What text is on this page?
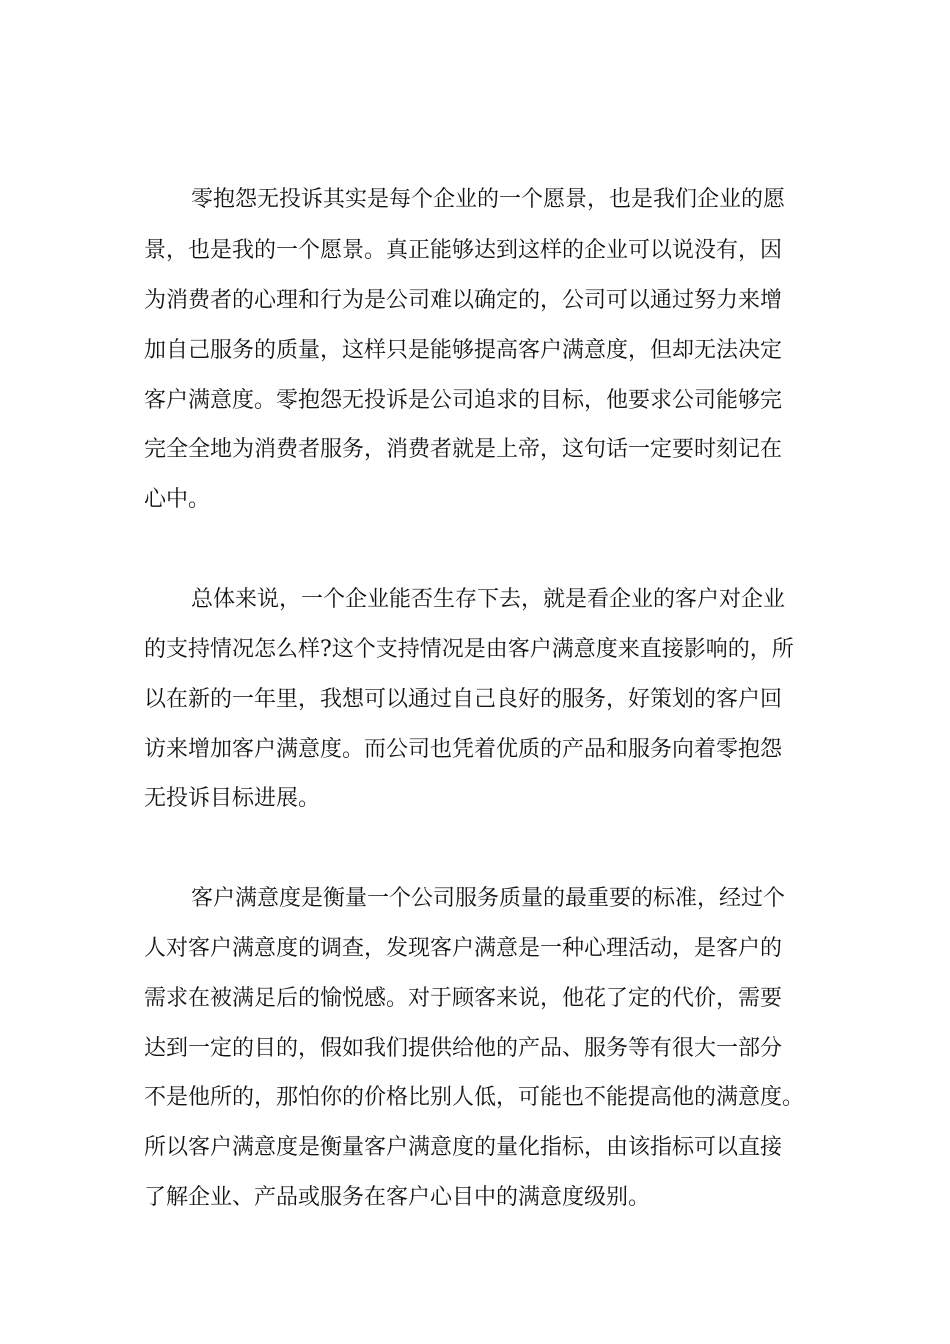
零抱怨无投诉其实是每个企业的一个愿景，也是我们企业的愿

景，也是我的一个愿景。真正能够达到这样的企业可以说没有，因

为消费者的心理和行为是公司难以确定的，公司可以通过努力来增

加自己服务的质量，这样只是能够提高客户满意度，但却无法决定

客户满意度。零抱怨无投诉是公司追求的目标，他要求公司能够完

完全全地为消费者服务，消费者就是上帝，这句话一定要时刻记在

心中。

总体来说，一个企业能否生存下去，就是看企业的客户对企业

的支持情况怎么样?这个支持情况是由客户满意度来直接影响的，所

以在新的一年里，我想可以通过自己良好的服务，好策划的客户回

访来增加客户满意度。而公司也凭着优质的产品和服务向着零抱怨

无投诉目标进展。

客户满意度是衡量一个公司服务质量的最重要的标准，经过个

人对客户满意度的调查，发现客户满意是一种心理活动，是客户的

需求在被满足后的愉悦感。对于顾客来说，他花了定的代价，需要

达到一定的目的，假如我们提供给他的产品、服务等有很大一部分

不是他所的，那怕你的价格比别人低，可能也不能提高他的满意度。

所以客户满意度是衡量客户满意度的量化指标，由该指标可以直接

了解企业、产品或服务在客户心目中的满意度级别。
